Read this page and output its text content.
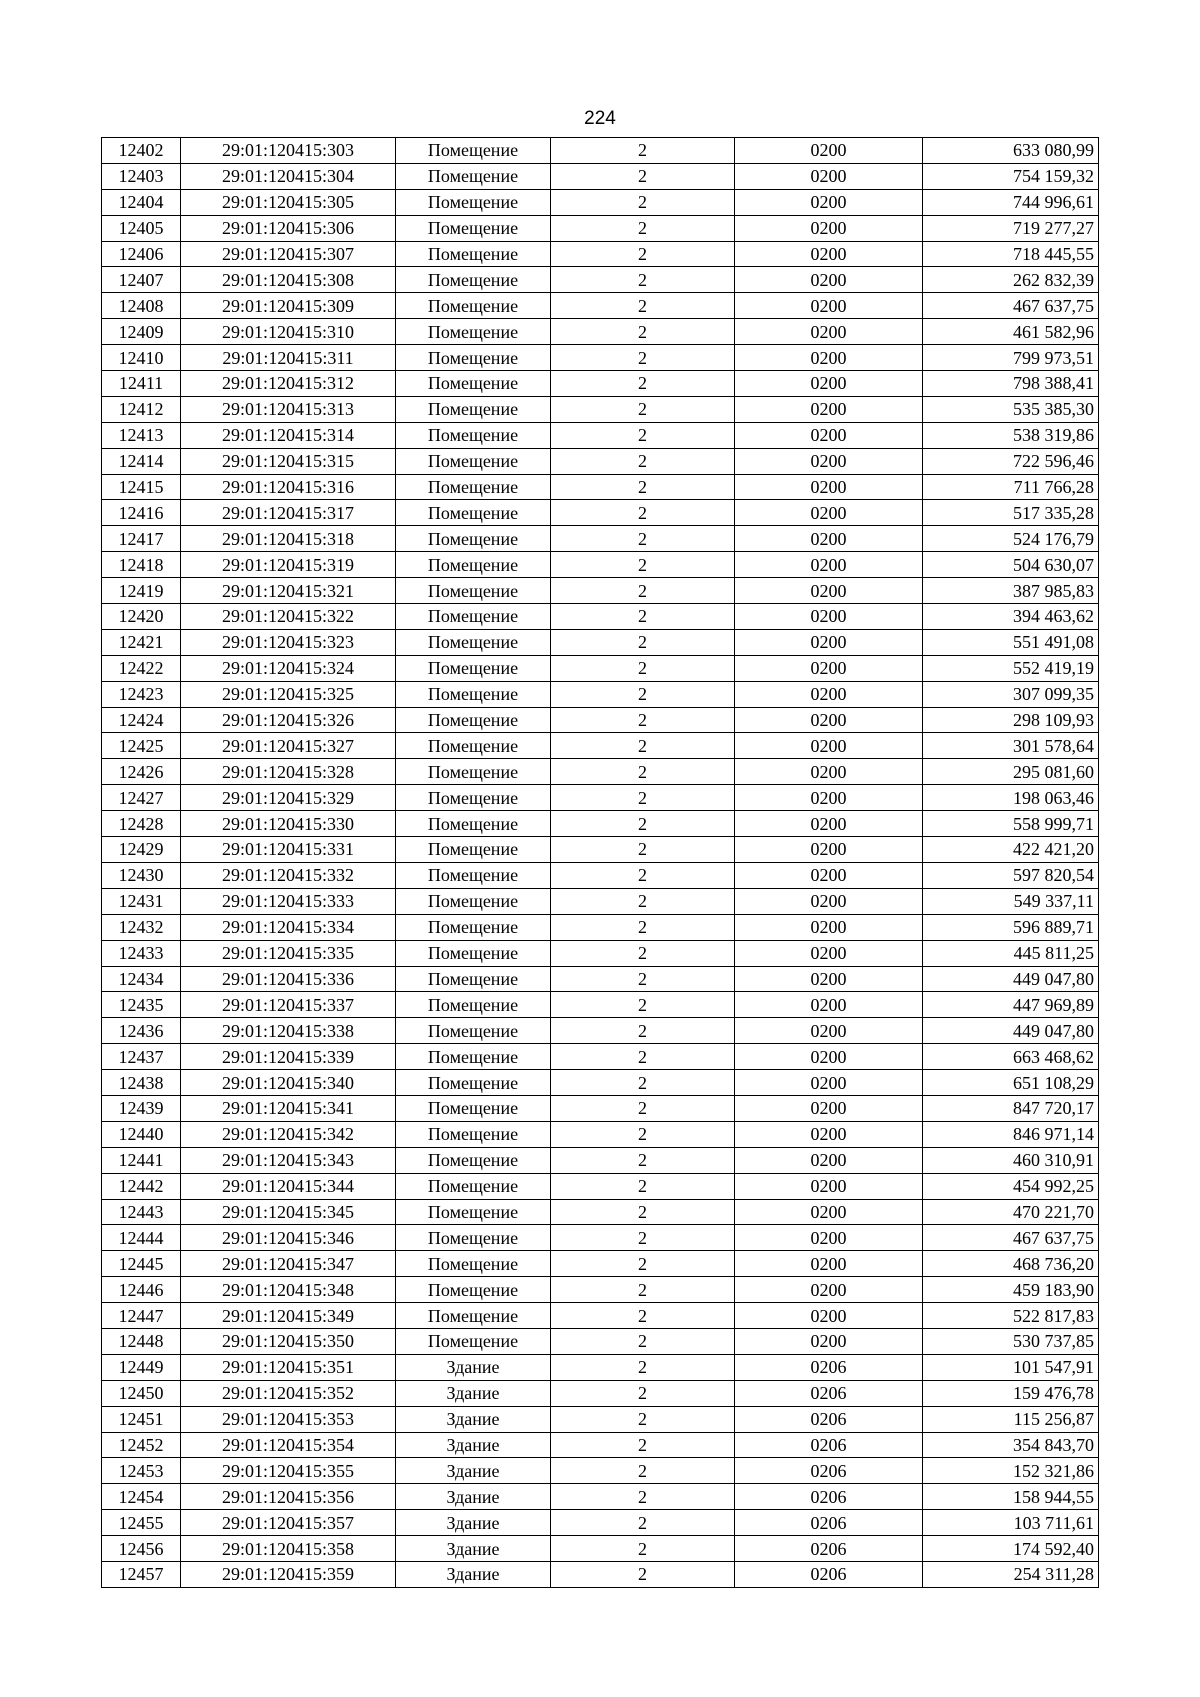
224
12402	29:01:120415:303	Помещение	2	0200	633 080,99
12403	29:01:120415:304	Помещение	2	0200	754 159,32
12404	29:01:120415:305	Помещение	2	0200	744 996,61
12405	29:01:120415:306	Помещение	2	0200	719 277,27
12406	29:01:120415:307	Помещение	2	0200	718 445,55
12407	29:01:120415:308	Помещение	2	0200	262 832,39
12408	29:01:120415:309	Помещение	2	0200	467 637,75
12409	29:01:120415:310	Помещение	2	0200	461 582,96
12410	29:01:120415:311	Помещение	2	0200	799 973,51
12411	29:01:120415:312	Помещение	2	0200	798 388,41
12412	29:01:120415:313	Помещение	2	0200	535 385,30
12413	29:01:120415:314	Помещение	2	0200	538 319,86
12414	29:01:120415:315	Помещение	2	0200	722 596,46
12415	29:01:120415:316	Помещение	2	0200	711 766,28
12416	29:01:120415:317	Помещение	2	0200	517 335,28
12417	29:01:120415:318	Помещение	2	0200	524 176,79
12418	29:01:120415:319	Помещение	2	0200	504 630,07
12419	29:01:120415:321	Помещение	2	0200	387 985,83
12420	29:01:120415:322	Помещение	2	0200	394 463,62
12421	29:01:120415:323	Помещение	2	0200	551 491,08
12422	29:01:120415:324	Помещение	2	0200	552 419,19
12423	29:01:120415:325	Помещение	2	0200	307 099,35
12424	29:01:120415:326	Помещение	2	0200	298 109,93
12425	29:01:120415:327	Помещение	2	0200	301 578,64
12426	29:01:120415:328	Помещение	2	0200	295 081,60
12427	29:01:120415:329	Помещение	2	0200	198 063,46
12428	29:01:120415:330	Помещение	2	0200	558 999,71
12429	29:01:120415:331	Помещение	2	0200	422 421,20
12430	29:01:120415:332	Помещение	2	0200	597 820,54
12431	29:01:120415:333	Помещение	2	0200	549 337,11
12432	29:01:120415:334	Помещение	2	0200	596 889,71
12433	29:01:120415:335	Помещение	2	0200	445 811,25
12434	29:01:120415:336	Помещение	2	0200	449 047,80
12435	29:01:120415:337	Помещение	2	0200	447 969,89
12436	29:01:120415:338	Помещение	2	0200	449 047,80
12437	29:01:120415:339	Помещение	2	0200	663 468,62
12438	29:01:120415:340	Помещение	2	0200	651 108,29
12439	29:01:120415:341	Помещение	2	0200	847 720,17
12440	29:01:120415:342	Помещение	2	0200	846 971,14
12441	29:01:120415:343	Помещение	2	0200	460 310,91
12442	29:01:120415:344	Помещение	2	0200	454 992,25
12443	29:01:120415:345	Помещение	2	0200	470 221,70
12444	29:01:120415:346	Помещение	2	0200	467 637,75
12445	29:01:120415:347	Помещение	2	0200	468 736,20
12446	29:01:120415:348	Помещение	2	0200	459 183,90
12447	29:01:120415:349	Помещение	2	0200	522 817,83
12448	29:01:120415:350	Помещение	2	0200	530 737,85
12449	29:01:120415:351	Здание	2	0206	101 547,91
12450	29:01:120415:352	Здание	2	0206	159 476,78
12451	29:01:120415:353	Здание	2	0206	115 256,87
12452	29:01:120415:354	Здание	2	0206	354 843,70
12453	29:01:120415:355	Здание	2	0206	152 321,86
12454	29:01:120415:356	Здание	2	0206	158 944,55
12455	29:01:120415:357	Здание	2	0206	103 711,61
12456	29:01:120415:358	Здание	2	0206	174 592,40
12457	29:01:120415:359	Здание	2	0206	254 311,28
